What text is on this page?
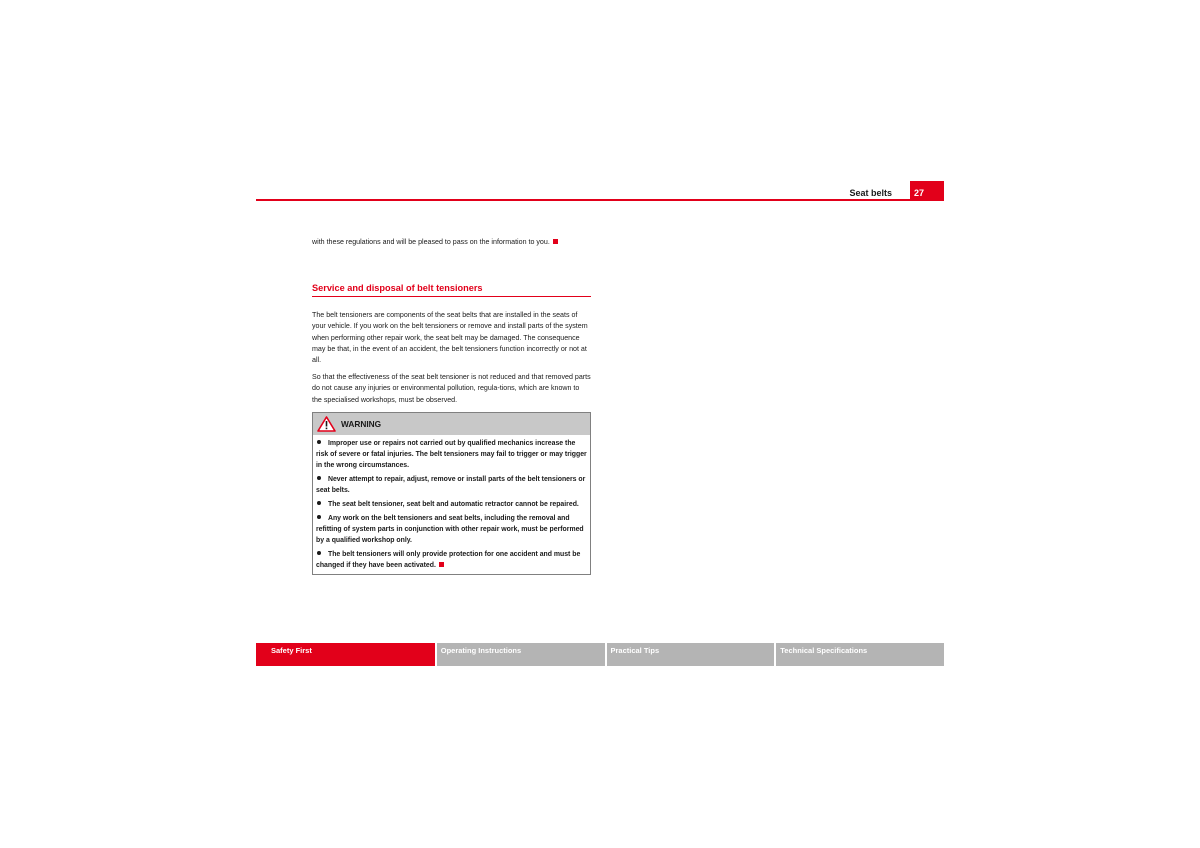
Seat belts	27

with these regulations and will be pleased to pass on the information to you.

Service and disposal of belt tensioners

The belt tensioners are components of the seat belts that are installed in the seats of your vehicle. If you work on the belt tensioners or remove and install parts of the system when performing other repair work, the seat belt may be damaged. The consequence may be that, in the event of an accident, the belt tensioners function incorrectly or not at all.

So that the effectiveness of the seat belt tensioner is not reduced and that removed parts do not cause any injuries or environmental pollution, regula-tions, which are known to the specialised workshops, must be observed.

WARNING

Improper use or repairs not carried out by qualified mechanics increase the risk of severe or fatal injuries. The belt tensioners may fail to trigger or may trigger in the wrong circumstances.

Never attempt to repair, adjust, remove or install parts of the belt tensioners or seat belts.

The seat belt tensioner, seat belt and automatic retractor cannot be repaired.

Any work on the belt tensioners and seat belts, including the removal and refitting of system parts in conjunction with other repair work, must be performed by a qualified workshop only.

The belt tensioners will only provide protection for one accident and must be changed if they have been activated.

Safety First	Operating Instructions	Practical Tips	Technical Specifications
